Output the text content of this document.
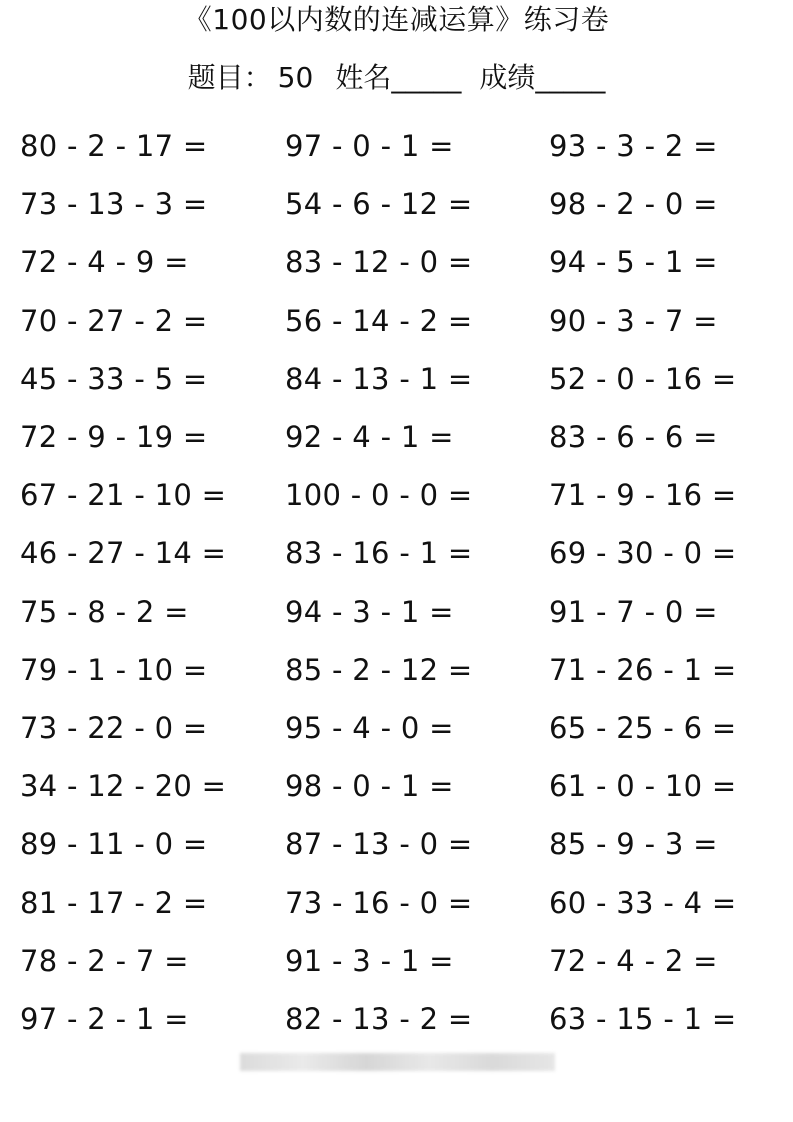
《100以内数的连减运算》练习卷
题目： 50 姓名_____ 成绩_____
80 - 2 - 17 =	97 - 0 - 1 =	93 - 3 - 2 =
73 - 13 - 3 =	54 - 6 - 12 =	98 - 2 - 0 =
72 - 4 - 9 =	83 - 12 - 0 =	94 - 5 - 1 =
70 - 27 - 2 =	56 - 14 - 2 =	90 - 3 - 7 =
45 - 33 - 5 =	84 - 13 - 1 =	52 - 0 - 16 =
72 - 9 - 19 =	92 - 4 - 1 =	83 - 6 - 6 =
67 - 21 - 10 = 100 - 0 - 0 =	71 - 9 - 16 =
46 - 27 - 14 = 83 - 16 - 1 =	69 - 30 - 0 =
75 - 8 - 2 =	94 - 3 - 1 =	91 - 7 - 0 =
79 - 1 - 10 =	85 - 2 - 12 =	71 - 26 - 1 =
73 - 22 - 0 =	95 - 4 - 0 =	65 - 25 - 6 =
34 - 12 - 20 = 98 - 0 - 1 =	61 - 0 - 10 =
89 - 11 - 0 =	87 - 13 - 0 =	85 - 9 - 3 =
81 - 17 - 2 =	73 - 16 - 0 =	60 - 33 - 4 =
78 - 2 - 7 =	91 - 3 - 1 =	72 - 4 - 2 =
97 - 2 - 1 =	82 - 13 - 2 =	63 - 15 - 1 =
